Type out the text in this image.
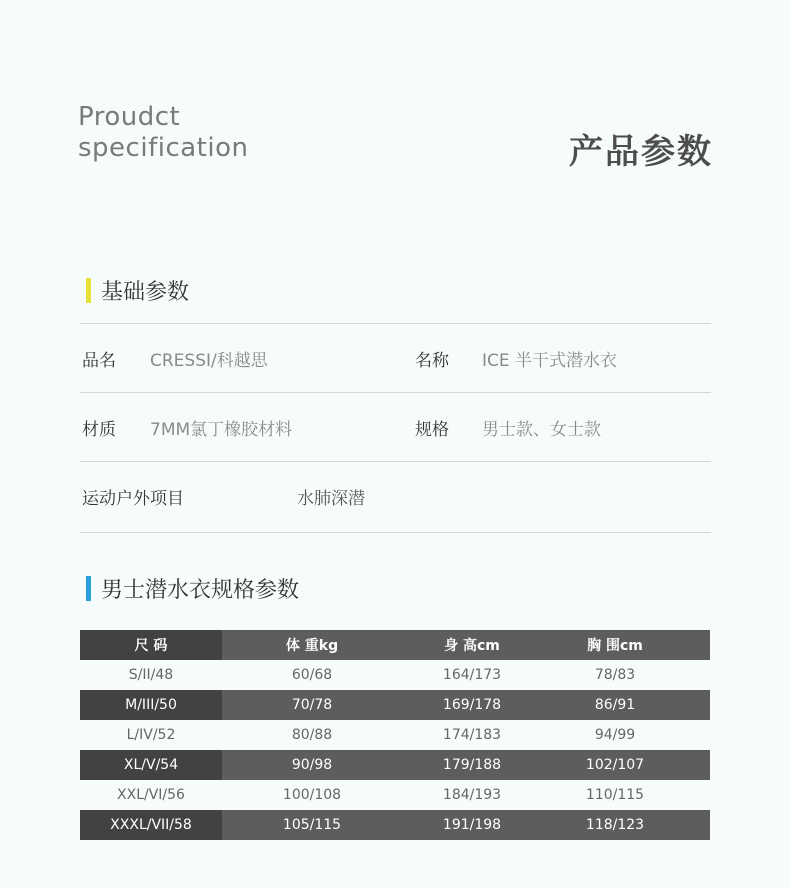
Proudct
specification	产品参数
基础参数
品名 CRESSI/科越思	名称 ICE 半干式潜水衣
材质 7MM氯丁橡胶材料	规格 男士款、女士款
运动户外项目	水肺深潜
男士潜水衣规格参数
尺 码	体 重kg	身 高cm	胸 围cm
S/II/48	60/68	164/173	78/83
M/III/50	70/78	169/178	86/91
L/IV/52	80/88	174/183	94/99
XL/V/54	90/98	179/188	102/107
XXL/VI/56	100/108	184/193	110/115
XXXL/VII/58	105/115	191/198	118/123
